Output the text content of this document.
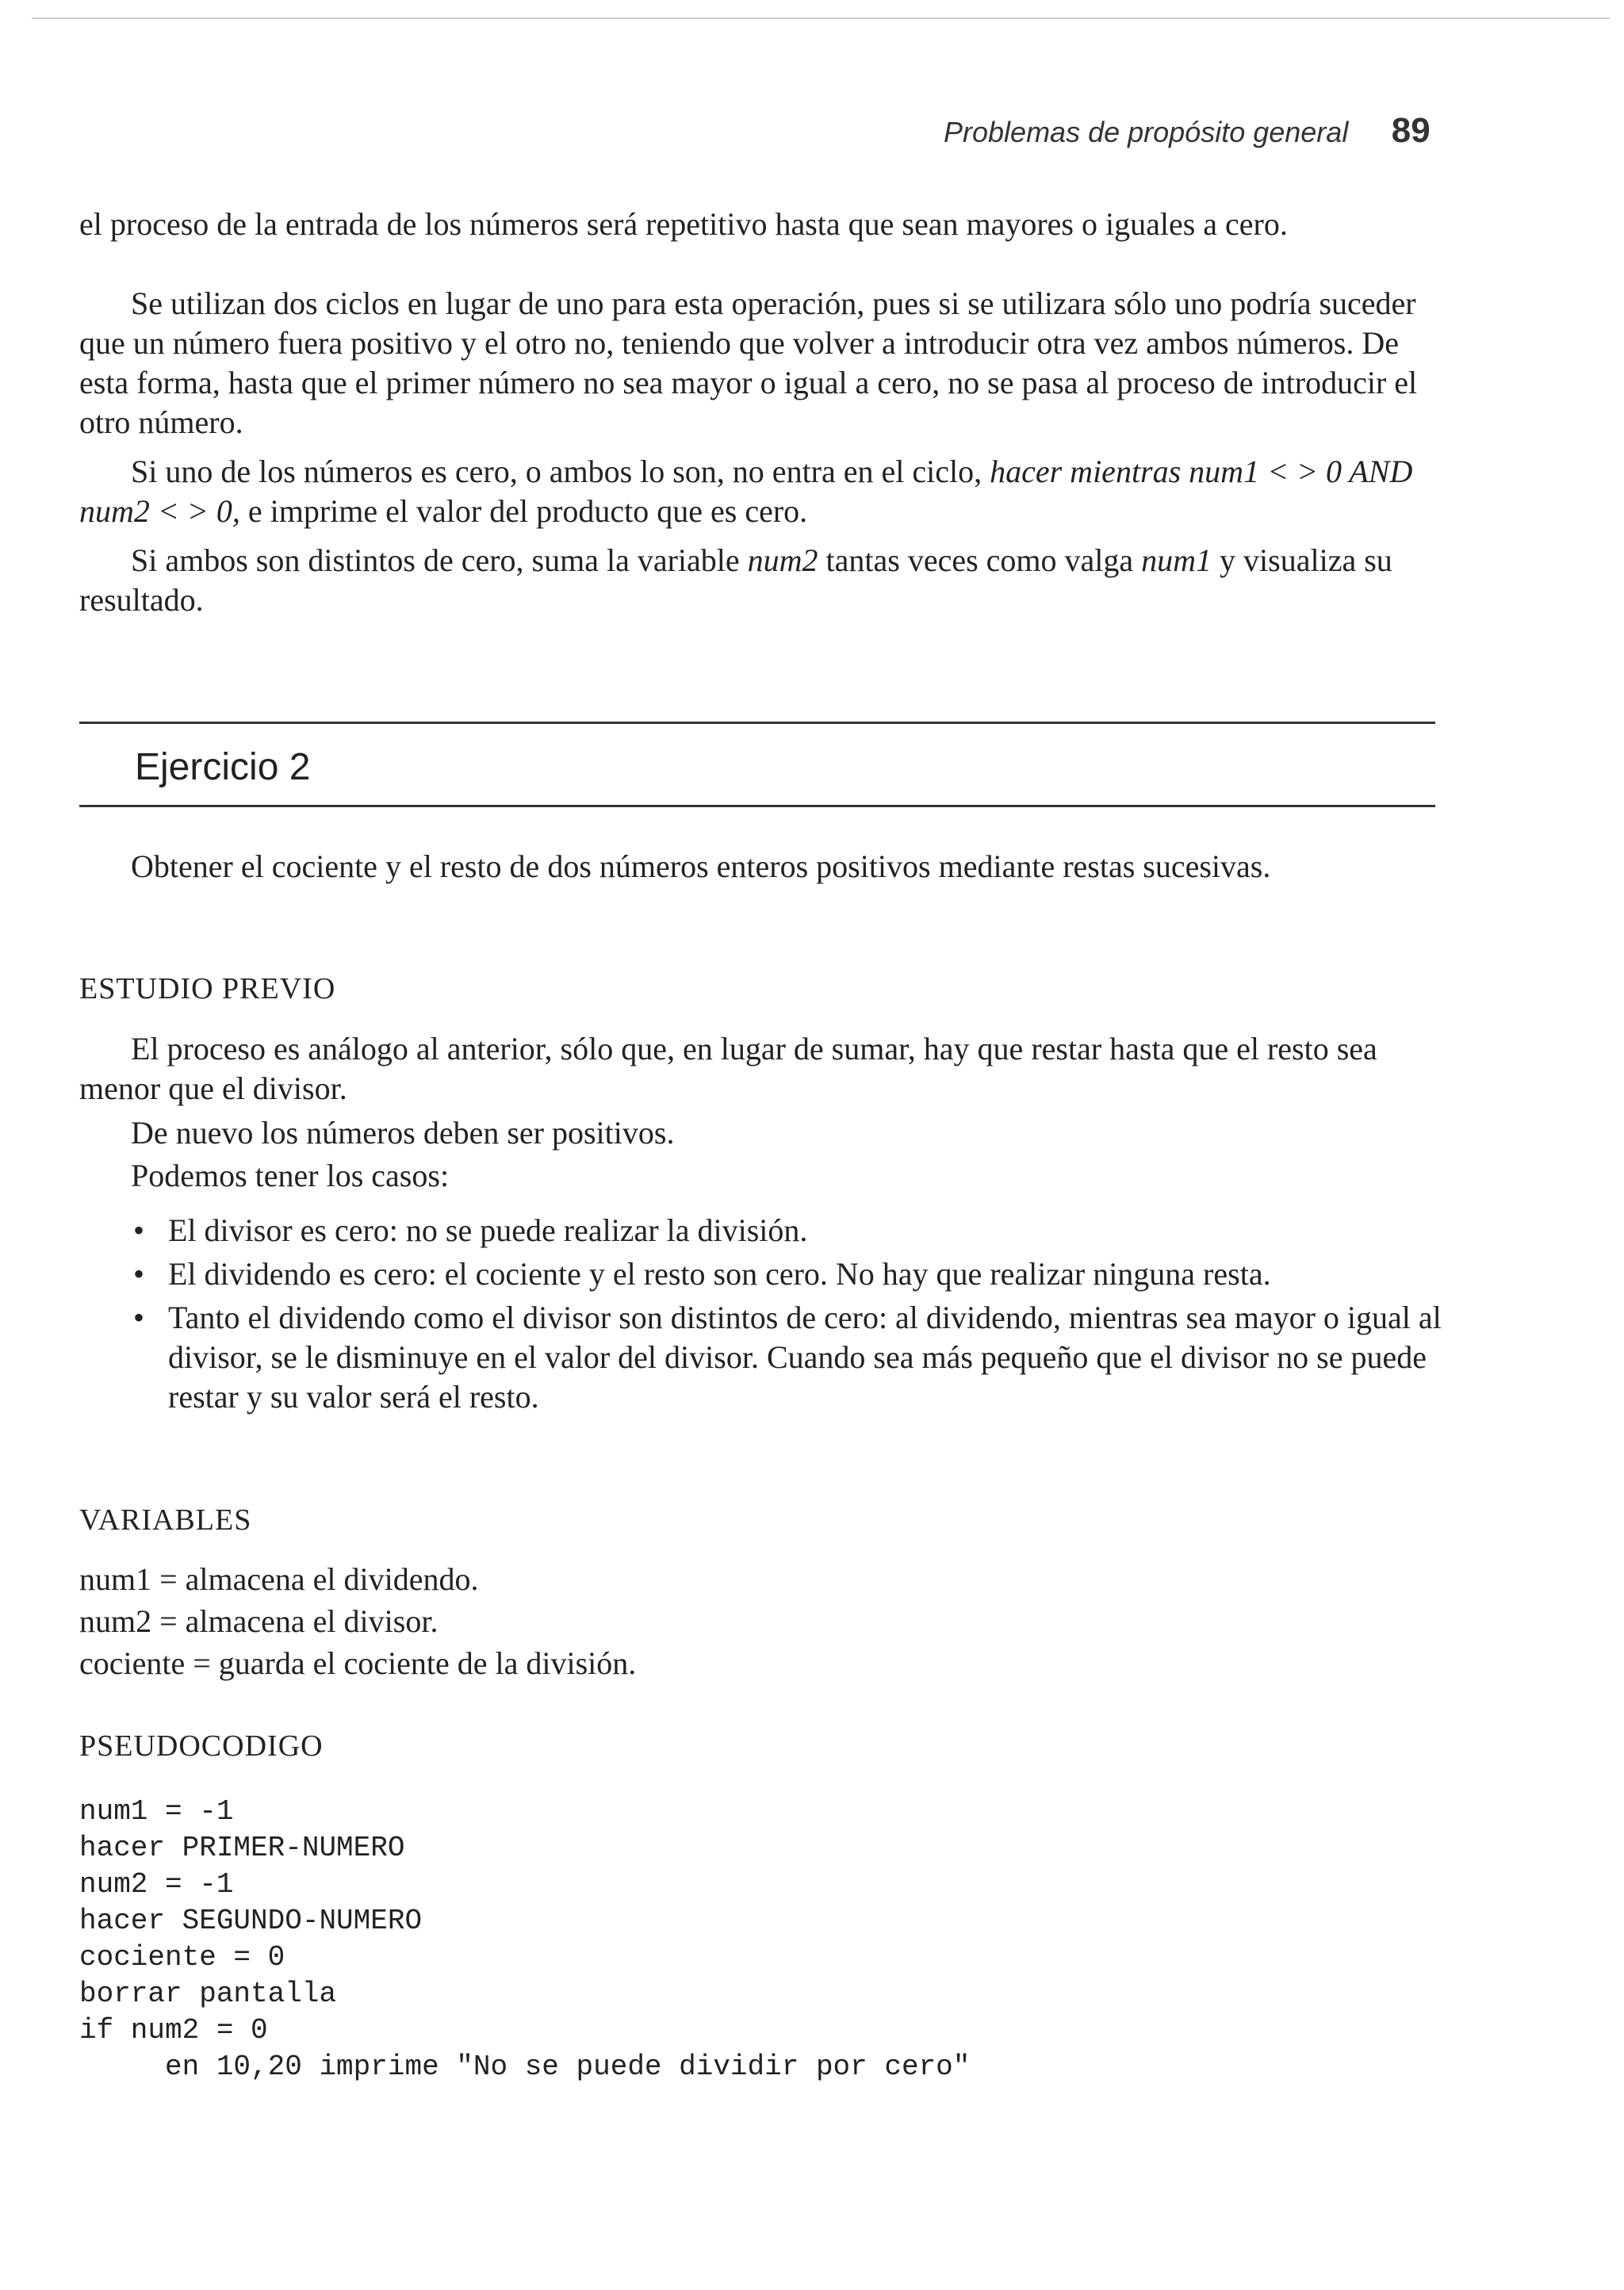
Problemas de propósito general 89

el proceso de la entrada de los números será repetitivo hasta que sean mayores o iguales a cero.

Se utilizan dos ciclos en lugar de uno para esta operación, pues si se utilizara sólo uno podría suceder que un número fuera positivo y el otro no, teniendo que volver a introducir otra vez ambos números. De esta forma, hasta que el primer número no sea mayor o igual a cero, no se pasa al proceso de introducir el otro número.

Si uno de los números es cero, o ambos lo son, no entra en el ciclo, hacer mientras num1 < > 0 AND num2 < > 0, e imprime el valor del producto que es cero.

Si ambos son distintos de cero, suma la variable num2 tantas veces como valga num1 y visualiza su resultado.

Ejercicio 2

Obtener el cociente y el resto de dos números enteros positivos mediante restas sucesivas.

ESTUDIO PREVIO

El proceso es análogo al anterior, sólo que, en lugar de sumar, hay que restar hasta que el resto sea menor que el divisor.

De nuevo los números deben ser positivos.

Podemos tener los casos:

• El divisor es cero: no se puede realizar la división.
• El dividendo es cero: el cociente y el resto son cero. No hay que realizar ninguna resta.
• Tanto el dividendo como el divisor son distintos de cero: al dividendo, mientras sea mayor o igual al divisor, se le disminuye en el valor del divisor. Cuando sea más pequeño que el divisor no se puede restar y su valor será el resto.
VARIABLES

num1 = almacena el dividendo.

num2 = almacena el divisor.

cociente = guarda el cociente de la división.

PSEUDOCODIGO
num1 = -1
hacer PRIMER-NUMERO
num2 = -1
hacer SEGUNDO-NUMERO
cociente = 0
borrar pantalla
if num2 = 0
en 10,20 imprime "No se puede dividir por cero"
